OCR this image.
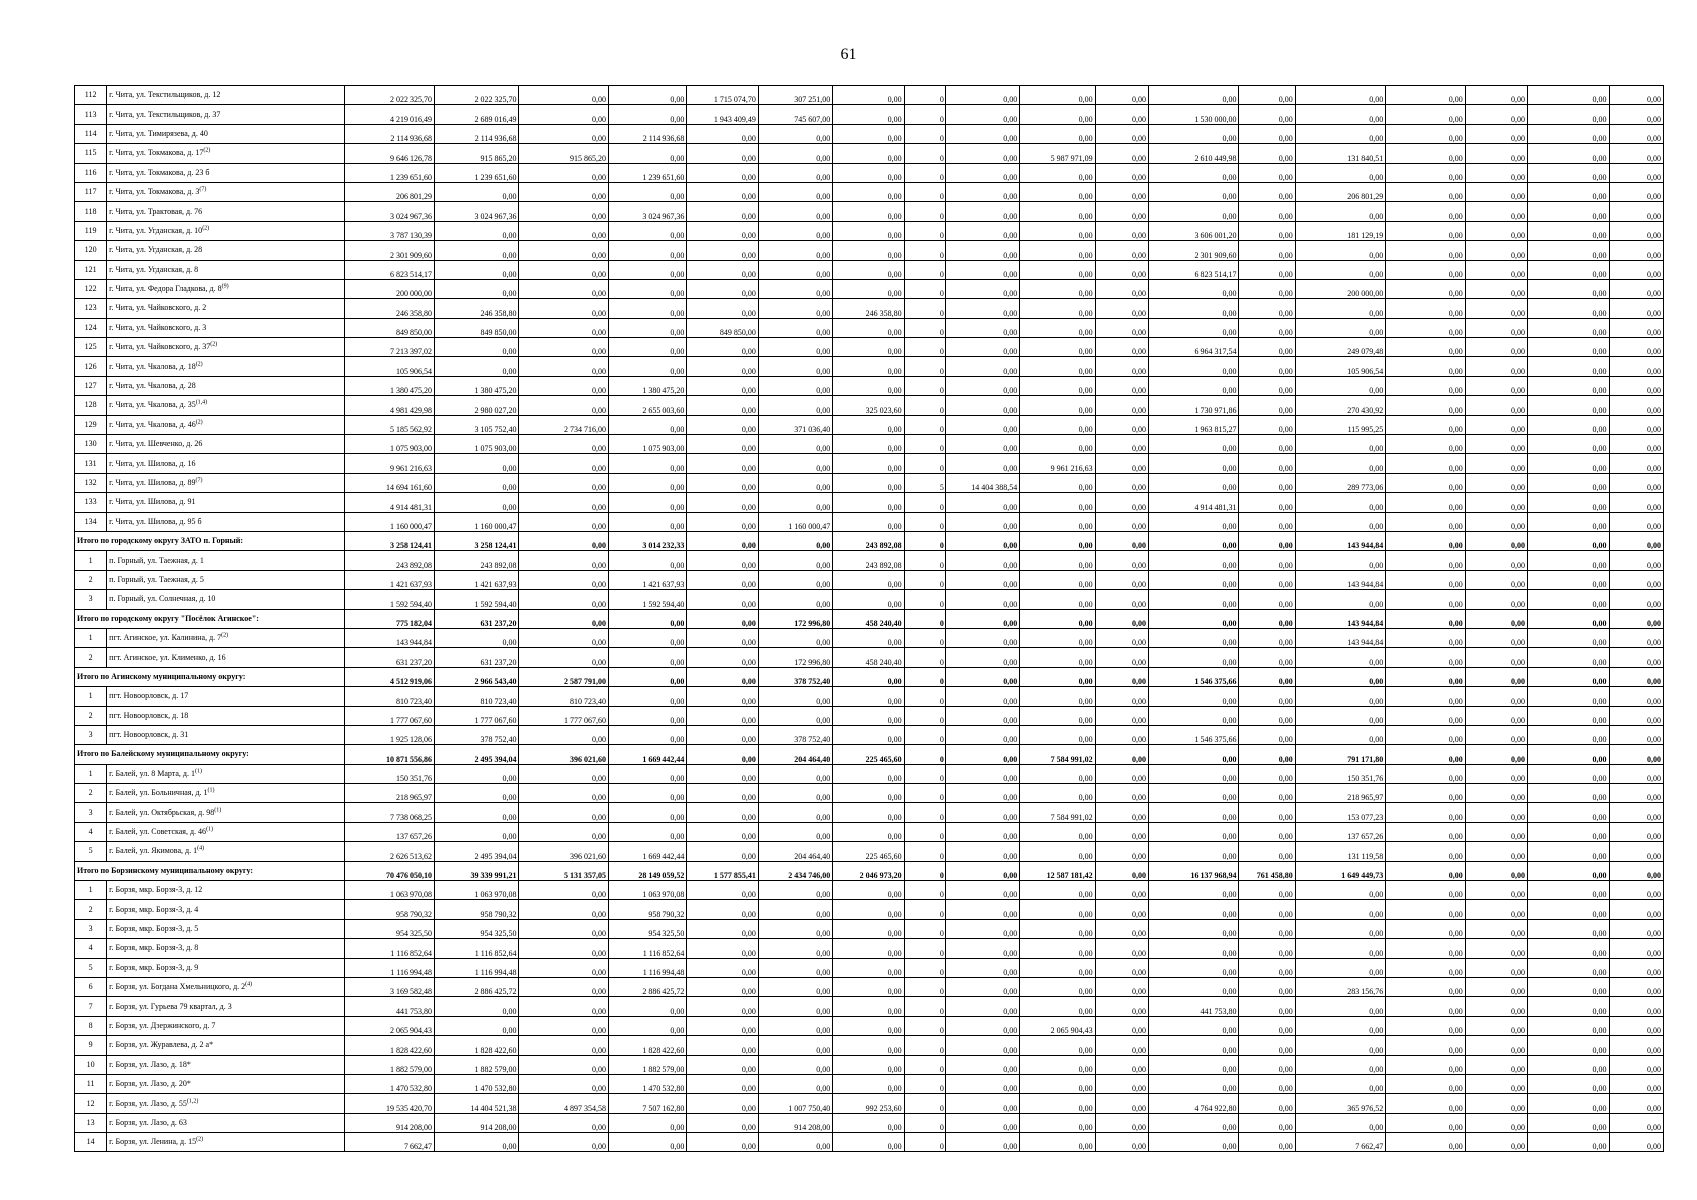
61
112	г. Чита, ул. Текстильщиков, д. 12	2 022 325,70	2 022 325,70	0,00	0,00	1 715 074,70	307 251,00	0,00	0	0,00	0,00	0,00	0,00	0,00	0,00	0,00	0,00	0,00	0,00
113	г. Чита, ул. Текстильщиков, д. 37	4 219 016,49	2 689 016,49	0,00	0,00	1 943 409,49	745 607,00	0,00	0	0,00	0,00	0,00	1 530 000,00	0,00	0,00	0,00	0,00	0,00	0,00
114	г. Чита, ул. Тимирязева, д. 40	2 114 936,68	2 114 936,68	0,00	2 114 936,68	0,00	0,00	0,00	0	0,00	0,00	0,00	0,00	0,00	0,00	0,00	0,00	0,00	0,00
115	г. Чита, ул. Токмакова, д. 17$^{(2)}$	9 646 126,78	915 865,20	915 865,20	0,00	0,00	0,00	0,00	0	0,00	5 987 971,09	0,00	2 610 449,98	0,00	131 840,51	0,00	0,00	0,00	0,00
116	г. Чита, ул. Токмакова, д. 23 б	1 239 651,60	1 239 651,60	0,00	1 239 651,60	0,00	0,00	0,00	0	0,00	0,00	0,00	0,00	0,00	0,00	0,00	0,00	0,00	0,00
117	г. Чита, ул. Токмакова, д. 3$^{(7)}$	206 801,29	0,00	0,00	0,00	0,00	0,00	0,00	0	0,00	0,00	0,00	0,00	0,00	206 801,29	0,00	0,00	0,00	0,00
118	г. Чита, ул. Трактовая, д. 76	3 024 967,36	3 024 967,36	0,00	3 024 967,36	0,00	0,00	0,00	0	0,00	0,00	0,00	0,00	0,00	0,00	0,00	0,00	0,00	0,00
119	г. Чита, ул. Угданская, д. 10$^{(2)}$	3 787 130,39	0,00	0,00	0,00	0,00	0,00	0,00	0	0,00	0,00	0,00	3 606 001,20	0,00	181 129,19	0,00	0,00	0,00	0,00
120	г. Чита, ул. Угданская, д. 28	2 301 909,60	0,00	0,00	0,00	0,00	0,00	0,00	0	0,00	0,00	0,00	2 301 909,60	0,00	0,00	0,00	0,00	0,00	0,00
121	г. Чита, ул. Угданская, д. 8	6 823 514,17	0,00	0,00	0,00	0,00	0,00	0,00	0	0,00	0,00	0,00	6 823 514,17	0,00	0,00	0,00	0,00	0,00	0,00
122	г. Чита, ул. Федора Гладкова, д. 8$^{(9)}$	200 000,00	0,00	0,00	0,00	0,00	0,00	0,00	0	0,00	0,00	0,00	0,00	0,00	200 000,00	0,00	0,00	0,00	0,00
123	г. Чита, ул. Чайковского, д. 2	246 358,80	246 358,80	0,00	0,00	0,00	0,00	246 358,80	0	0,00	0,00	0,00	0,00	0,00	0,00	0,00	0,00	0,00	0,00
124	г. Чита, ул. Чайковского, д. 3	849 850,00	849 850,00	0,00	0,00	849 850,00	0,00	0,00	0	0,00	0,00	0,00	0,00	0,00	0,00	0,00	0,00	0,00	0,00
125	г. Чита, ул. Чайковского, д. 37$^{(2)}$	7 213 397,02	0,00	0,00	0,00	0,00	0,00	0,00	0	0,00	0,00	0,00	6 964 317,54	0,00	249 079,48	0,00	0,00	0,00	0,00
126	г. Чита, ул. Чкалова, д. 18$^{(2)}$	105 906,54	0,00	0,00	0,00	0,00	0,00	0,00	0	0,00	0,00	0,00	0,00	0,00	105 906,54	0,00	0,00	0,00	0,00
127	г. Чита, ул. Чкалова, д. 28	1 380 475,20	1 380 475,20	0,00	1 380 475,20	0,00	0,00	0,00	0	0,00	0,00	0,00	0,00	0,00	0,00	0,00	0,00	0,00	0,00
128	г. Чита, ул. Чкалова, д. 35$^{(1,4)}$	4 981 429,98	2 980 027,20	0,00	2 655 003,60	0,00	0,00	325 023,60	0	0,00	0,00	0,00	1 730 971,86	0,00	270 430,92	0,00	0,00	0,00	0,00
129	г. Чита, ул. Чкалова, д. 46$^{(2)}$	5 185 562,92	3 105 752,40	2 734 716,00	0,00	0,00	371 036,40	0,00	0	0,00	0,00	0,00	1 963 815,27	0,00	115 995,25	0,00	0,00	0,00	0,00
130	г. Чита, ул. Шевченко, д. 26	1 075 903,00	1 075 903,00	0,00	1 075 903,00	0,00	0,00	0,00	0	0,00	0,00	0,00	0,00	0,00	0,00	0,00	0,00	0,00	0,00
131	г. Чита, ул. Шилова, д. 16	9 961 216,63	0,00	0,00	0,00	0,00	0,00	0,00	0	0,00	9 961 216,63	0,00	0,00	0,00	0,00	0,00	0,00	0,00	0,00
132	г. Чита, ул. Шилова, д. 89$^{(7)}$	14 694 161,60	0,00	0,00	0,00	0,00	0,00	0,00	5	14 404 388,54	0,00	0,00	0,00	0,00	289 773,06	0,00	0,00	0,00	0,00
133	г. Чита, ул. Шилова, д. 91	4 914 481,31	0,00	0,00	0,00	0,00	0,00	0,00	0	0,00	0,00	0,00	4 914 481,31	0,00	0,00	0,00	0,00	0,00	0,00
134	г. Чита, ул. Шилова, д. 95 б	1 160 000,47	1 160 000,47	0,00	0,00	0,00	1 160 000,47	0,00	0	0,00	0,00	0,00	0,00	0,00	0,00	0,00	0,00	0,00	0,00
Итого по городскому округу ЗАТО п. Горный:		3 258 124,41	3 258 124,41	0,00	3 014 232,33	0,00	0,00	243 892,08	0	0,00	0,00	0,00	0,00	0,00	143 944,84	0,00	0,00	0,00	0,00
1	п. Горный, ул. Таежная, д. 1	243 892,08	243 892,08	0,00	0,00	0,00	0,00	243 892,08	0	0,00	0,00	0,00	0,00	0,00	0,00	0,00	0,00	0,00	0,00
2	п. Горный, ул. Таежная, д. 5	1 421 637,93	1 421 637,93	0,00	1 421 637,93	0,00	0,00	0,00	0	0,00	0,00	0,00	0,00	0,00	143 944,84	0,00	0,00	0,00	0,00
3	п. Горный, ул. Солнечная, д. 10	1 592 594,40	1 592 594,40	0,00	1 592 594,40	0,00	0,00	0,00	0	0,00	0,00	0,00	0,00	0,00	0,00	0,00	0,00	0,00	0,00
Итого по городскому округу "Посёлок Агинское":		775 182,04	631 237,20	0,00	0,00	0,00	172 996,80	458 240,40	0	0,00	0,00	0,00	0,00	0,00	143 944,84	0,00	0,00	0,00	0,00
1	пгт. Агинское, ул. Калинина, д. 7$^{(2)}$	143 944,84	0,00	0,00	0,00	0,00	0,00	0,00	0	0,00	0,00	0,00	0,00	0,00	143 944,84	0,00	0,00	0,00	0,00
2	пгт. Агинское, ул. Клименко, д. 16	631 237,20	631 237,20	0,00	0,00	0,00	172 996,80	458 240,40	0	0,00	0,00	0,00	0,00	0,00	0,00	0,00	0,00	0,00	0,00
Итого по Агинскому муниципальному округу:		4 512 919,06	2 966 543,40	2 587 791,00	0,00	0,00	378 752,40	0,00	0	0,00	0,00	0,00	1 546 375,66	0,00	0,00	0,00	0,00	0,00	0,00
1	пгт. Новоорловск, д. 17	810 723,40	810 723,40	810 723,40	0,00	0,00	0,00	0,00	0	0,00	0,00	0,00	0,00	0,00	0,00	0,00	0,00	0,00	0,00
2	пгт. Новоорловск, д. 18	1 777 067,60	1 777 067,60	1 777 067,60	0,00	0,00	0,00	0,00	0	0,00	0,00	0,00	0,00	0,00	0,00	0,00	0,00	0,00	0,00
3	пгт. Новоорловск, д. 31	1 925 128,06	378 752,40	0,00	0,00	0,00	378 752,40	0,00	0	0,00	0,00	0,00	1 546 375,66	0,00	0,00	0,00	0,00	0,00	0,00
Итого по Балейскому муниципальному округу:		10 871 556,86	2 495 394,04	396 021,60	1 669 442,44	0,00	204 464,40	225 465,60	0	0,00	7 584 991,02	0,00	0,00	0,00	791 171,80	0,00	0,00	0,00	0,00
1	г. Балей, ул. 8 Марта, д. 1$^{(1)}$	150 351,76	0,00	0,00	0,00	0,00	0,00	0,00	0	0,00	0,00	0,00	0,00	0,00	150 351,76	0,00	0,00	0,00	0,00
2	г. Балей, ул. Больничная, д. 1$^{(1)}$	218 965,97	0,00	0,00	0,00	0,00	0,00	0,00	0	0,00	0,00	0,00	0,00	0,00	218 965,97	0,00	0,00	0,00	0,00
3	г. Балей, ул. Октябрьская, д. 98$^{(1)}$	7 738 068,25	0,00	0,00	0,00	0,00	0,00	0,00	0	0,00	7 584 991,02	0,00	0,00	0,00	153 077,23	0,00	0,00	0,00	0,00
4	г. Балей, ул. Советская, д. 46$^{(1)}$	137 657,26	0,00	0,00	0,00	0,00	0,00	0,00	0	0,00	0,00	0,00	0,00	0,00	137 657,26	0,00	0,00	0,00	0,00
5	г. Балей, ул. Якимова, д. 1$^{(4)}$	2 626 513,62	2 495 394,04	396 021,60	1 669 442,44	0,00	204 464,40	225 465,60	0	0,00	0,00	0,00	0,00	0,00	131 119,58	0,00	0,00	0,00	0,00
Итого по Борзинскому муниципальному округу:		70 476 050,10	39 339 991,21	5 131 357,05	28 149 059,52	1 577 855,41	2 434 746,00	2 046 973,20	0	0,00	12 587 181,42	0,00	16 137 968,94	761 458,80	1 649 449,73	0,00	0,00	0,00	0,00
1	г. Борзя, мкр. Борзя-3, д. 12	1 063 970,08	1 063 970,08	0,00	1 063 970,08	0,00	0,00	0,00	0	0,00	0,00	0,00	0,00	0,00	0,00	0,00	0,00	0,00	0,00
2	г. Борзя, мкр. Борзя-3, д. 4	958 790,32	958 790,32	0,00	958 790,32	0,00	0,00	0,00	0	0,00	0,00	0,00	0,00	0,00	0,00	0,00	0,00	0,00	0,00
3	г. Борзя, мкр. Борзя-3, д. 5	954 325,50	954 325,50	0,00	954 325,50	0,00	0,00	0,00	0	0,00	0,00	0,00	0,00	0,00	0,00	0,00	0,00	0,00	0,00
4	г. Борзя, мкр. Борзя-3, д. 8	1 116 852,64	1 116 852,64	0,00	1 116 852,64	0,00	0,00	0,00	0	0,00	0,00	0,00	0,00	0,00	0,00	0,00	0,00	0,00	0,00
5	г. Борзя, мкр. Борзя-3, д. 9	1 116 994,48	1 116 994,48	0,00	1 116 994,48	0,00	0,00	0,00	0	0,00	0,00	0,00	0,00	0,00	0,00	0,00	0,00	0,00	0,00
6	г. Борзя, ул. Богдана Хмельницкого, д. 2$^{(4)}$	3 169 582,48	2 886 425,72	0,00	2 886 425,72	0,00	0,00	0,00	0	0,00	0,00	0,00	0,00	0,00	283 156,76	0,00	0,00	0,00	0,00
7	г. Борзя, ул. Гурьева 79 квартал, д. 3	441 753,80	0,00	0,00	0,00	0,00	0,00	0,00	0	0,00	0,00	0,00	441 753,80	0,00	0,00	0,00	0,00	0,00	0,00
8	г. Борзя, ул. Дзержинского, д. 7	2 065 904,43	0,00	0,00	0,00	0,00	0,00	0,00	0	0,00	2 065 904,43	0,00	0,00	0,00	0,00	0,00	0,00	0,00	0,00
9	г. Борзя, ул. Журавлева, д. 2 а*	1 828 422,60	1 828 422,60	0,00	1 828 422,60	0,00	0,00	0,00	0	0,00	0,00	0,00	0,00	0,00	0,00	0,00	0,00	0,00	0,00
10	г. Борзя, ул. Лазо, д. 18*	1 882 579,00	1 882 579,00	0,00	1 882 579,00	0,00	0,00	0,00	0	0,00	0,00	0,00	0,00	0,00	0,00	0,00	0,00	0,00	0,00
11	г. Борзя, ул. Лазо, д. 20*	1 470 532,80	1 470 532,80	0,00	1 470 532,80	0,00	0,00	0,00	0	0,00	0,00	0,00	0,00	0,00	0,00	0,00	0,00	0,00	0,00
12	г. Борзя, ул. Лазо, д. 55$^{(1,2)}$	19 535 420,70	14 404 521,38	4 897 354,58	7 507 162,80	0,00	1 007 750,40	992 253,60	0	0,00	0,00	0,00	4 764 922,80	0,00	365 976,52	0,00	0,00	0,00	0,00
13	г. Борзя, ул. Лазо, д. 63	914 208,00	914 208,00	0,00	0,00	0,00	914 208,00	0,00	0	0,00	0,00	0,00	0,00	0,00	0,00	0,00	0,00	0,00	0,00
14	г. Борзя, ул. Ленина, д. 15$^{(2)}$	7 662,47	0,00	0,00	0,00	0,00	0,00	0,00	0	0,00	0,00	0,00	0,00	0,00	7 662,47	0,00	0,00	0,00	0,00
